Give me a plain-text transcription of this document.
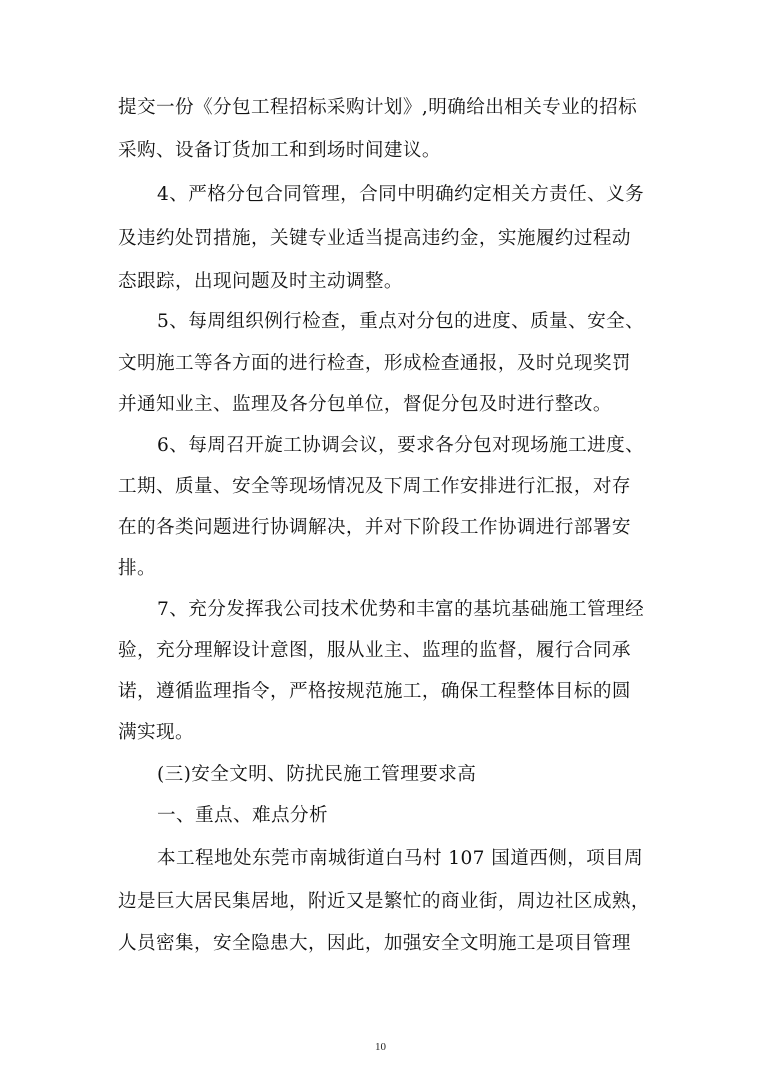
提交一份《分包工程招标采购计划》,明确给出相关专业的招标
采购、设备订货加工和到场时间建议。
4、严格分包合同管理，合同中明确约定相关方责任、义务
及违约处罚措施，关键专业适当提高违约金，实施履约过程动
态跟踪，出现问题及时主动调整。
5、每周组织例行检查，重点对分包的进度、质量、安全、
文明施工等各方面的进行检查，形成检查通报，及时兑现奖罚
并通知业主、监理及各分包单位，督促分包及时进行整改。
6、每周召开旋工协调会议，要求各分包对现场施工进度、
工期、质量、安全等现场情况及下周工作安排进行汇报，对存
在的各类问题进行协调解决，并对下阶段工作协调进行部署安
排。
7、充分发挥我公司技术优势和丰富的基坑基础施工管理经
验，充分理解设计意图，服从业主、监理的监督，履行合同承
诺，遵循监理指令，严格按规范施工，确保工程整体目标的圆
满实现。
(三)安全文明、防扰民施工管理要求高
一、重点、难点分析
本工程地处东莞市南城街道白马村 107 国道西侧，项目周
边是巨大居民集居地，附近又是繁忙的商业街，周边社区成熟，
人员密集，安全隐患大，因此，加强安全文明施工是项目管理
10
